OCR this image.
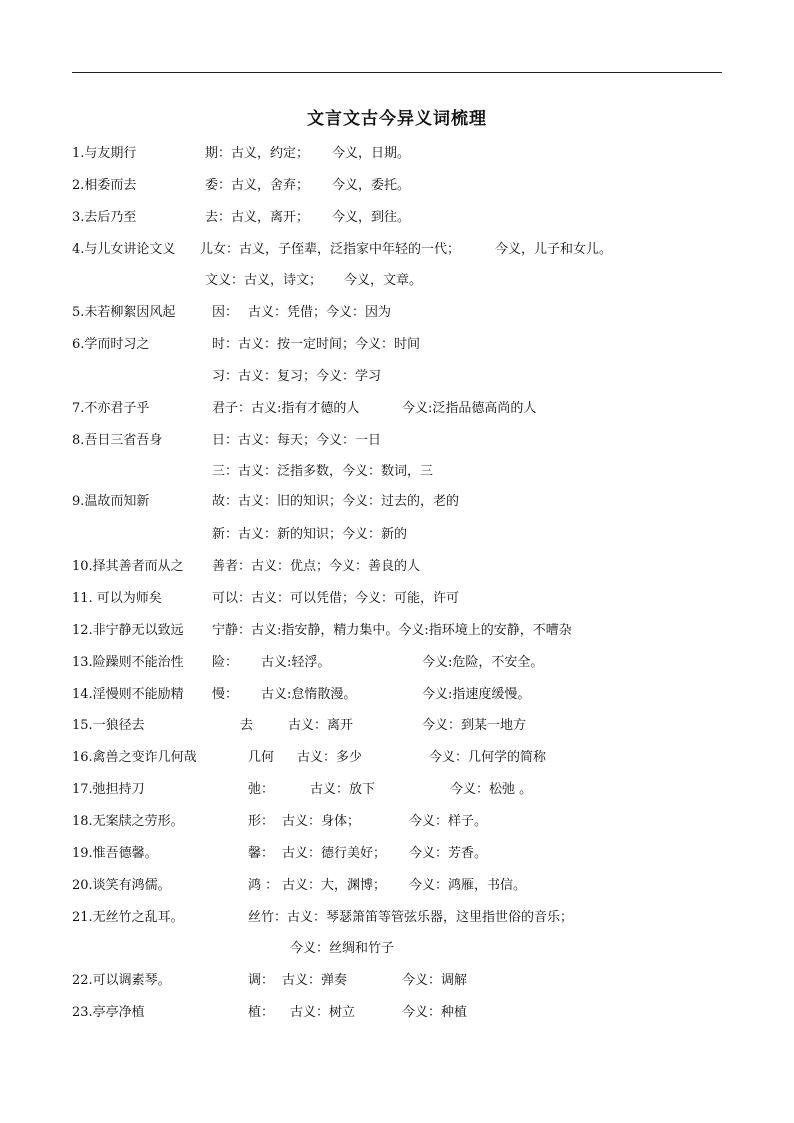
文言文古今异义词梳理
1.与友期行	期：古义，约定； 今义，日期。
2.相委而去	委：古义，舍弃； 今义，委托。
3.去后乃至	去：古义，离开； 今义，到往。
4.与儿女讲论文义 儿女：古义，子侄辈，泛指家中年轻的一代；	今义，儿子和女儿。
文义：古义，诗文； 今义，文章。
5.未若柳絮因风起	因： 古义：凭借；今义：因为
6.学而时习之	时：古义：按一定时间；今义：时间
习：古义：复习；今义：学习
7.不亦君子乎	君子：古义:指有才德的人	今义:泛指品德高尚的人
8.吾日三省吾身	日：古义：每天；今义：一日
三：古义：泛指多数，今义：数词，三
9.温故而知新	故：古义：旧的知识；今义：过去的，老的
新：古义：新的知识；今义：新的
10.择其善者而从之 善者：古义：优点；今义：善良的人
11. 可以为师矣	可以：古义：可以凭借；今义：可能，许可
12.非宁静无以致远 宁静：古义:指安静，精力集中。今义:指环境上的安静，不嘈杂
13.险躁则不能治性 险： 古义:轻浮。	今义:危险，不安全。
14.淫慢则不能励精 慢： 古义:怠惰散漫。	今义:指速度缓慢。
15.一狼径去	去	古义：离开	今义：到某一地方
16.禽兽之变诈几何哉	几何 古义：多少	今义：几何学的简称
17.弛担持刀	弛：	古义：放下	今义：松弛 。
18.无案牍之劳形。	形： 古义：身体；	今义：样子。
19.惟吾德馨。	馨： 古义：德行美好； 今义：芳香。
20.谈笑有鸿儒。	鸿 ： 古义：大，渊博； 今义：鸿雁，书信。
21.无丝竹之乱耳。	丝竹：古义：琴瑟箫笛等管弦乐器，这里指世俗的音乐；
今义：丝绸和竹子
22.可以调素琴。	调： 古义：弹奏	今义：调解
23.亭亭净植	植： 古义：树立	今义：种植
